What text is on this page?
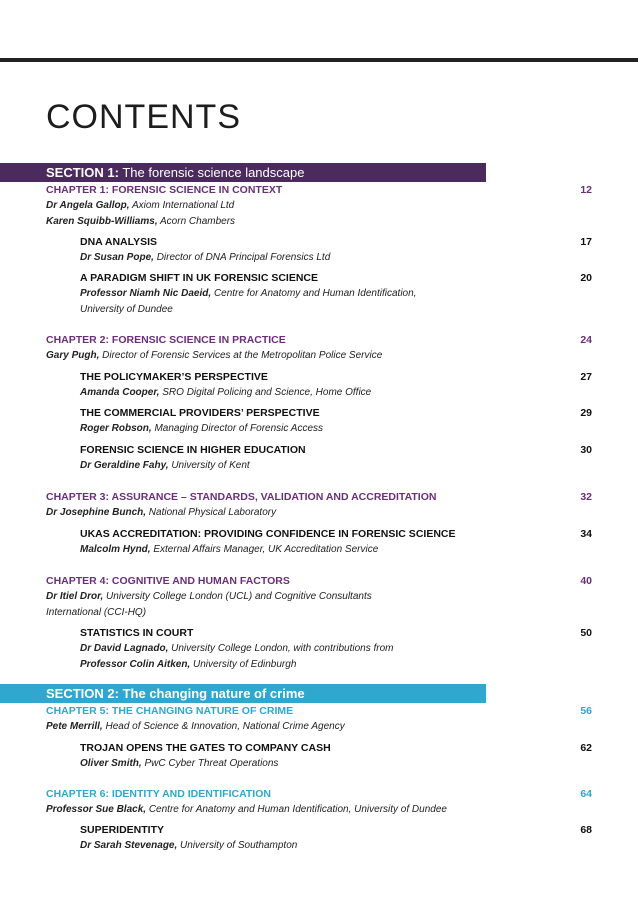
CONTENTS
SECTION 1: The forensic science landscape
CHAPTER 1: FORENSIC SCIENCE IN CONTEXT	12
Dr Angela Gallop, Axiom International Ltd
Karen Squibb-Williams, Acorn Chambers
DNA ANALYSIS	17
Dr Susan Pope, Director of DNA Principal Forensics Ltd
A PARADIGM SHIFT IN UK FORENSIC SCIENCE	20
Professor Niamh Nic Daeid, Centre for Anatomy and Human Identification,
University of Dundee
CHAPTER 2: FORENSIC SCIENCE IN PRACTICE	24
Gary Pugh, Director of Forensic Services at the Metropolitan Police Service
THE POLICYMAKER’S PERSPECTIVE	27
Amanda Cooper, SRO Digital Policing and Science, Home Office
THE COMMERCIAL PROVIDERS’ PERSPECTIVE	29
Roger Robson, Managing Director of Forensic Access
FORENSIC SCIENCE IN HIGHER EDUCATION	30
Dr Geraldine Fahy, University of Kent
CHAPTER 3: ASSURANCE – STANDARDS, VALIDATION AND ACCREDITATION	32
Dr Josephine Bunch, National Physical Laboratory
UKAS ACCREDITATION: PROVIDING CONFIDENCE IN FORENSIC SCIENCE	34
Malcolm Hynd, External Affairs Manager, UK Accreditation Service
CHAPTER 4: COGNITIVE AND HUMAN FACTORS	40
Dr Itiel Dror, University College London (UCL) and Cognitive Consultants
International (CCI-HQ)
STATISTICS IN COURT	50
Dr David Lagnado, University College London, with contributions from
Professor Colin Aitken, University of Edinburgh
SECTION 2: The changing nature of crime
CHAPTER 5: THE CHANGING NATURE OF CRIME	56
Pete Merrill, Head of Science & Innovation, National Crime Agency
TROJAN OPENS THE GATES TO COMPANY CASH	62
Oliver Smith, PwC Cyber Threat Operations
CHAPTER 6: IDENTITY AND IDENTIFICATION	64
Professor Sue Black, Centre for Anatomy and Human Identification, University of Dundee
SUPERIDENTITY	68
Dr Sarah Stevenage, University of Southampton
